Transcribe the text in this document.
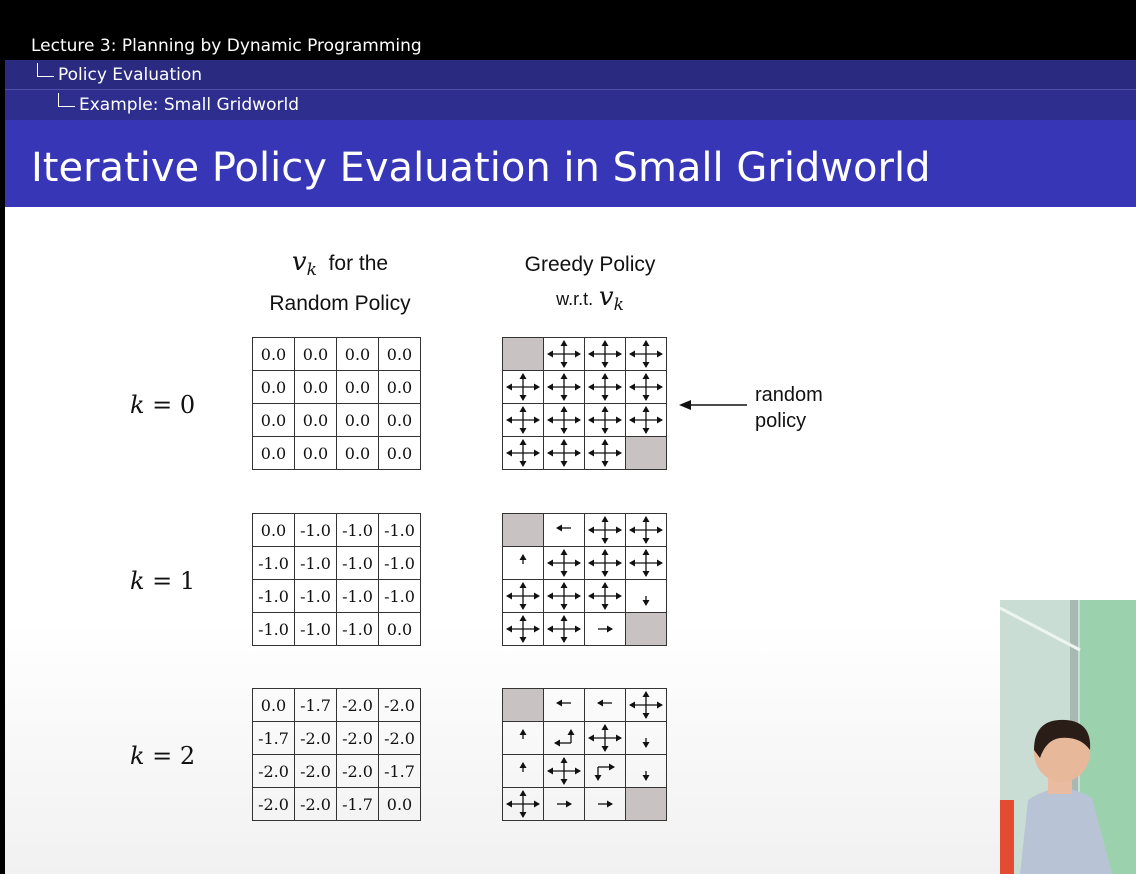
Lecture 3: Planning by Dynamic Programming
Policy Evaluation
Example: Small Gridworld
Iterative Policy Evaluation in Small Gridworld
$v_k$ for the
Random Policy
Greedy Policy
w.r.t. $v_k$
k = 0
0.0	0.0	0.0	0.0
0.0	0.0	0.0	0.0
0.0	0.0	0.0	0.0
0.0	0.0	0.0	0.0

k = 1
0.0	-1.0	-1.0	-1.0
-1.0	-1.0	-1.0	-1.0
-1.0	-1.0	-1.0	-1.0
-1.0	-1.0	-1.0	0.0

k = 2
0.0	-1.7	-2.0	-2.0
-1.7	-2.0	-2.0	-2.0
-2.0	-2.0	-2.0	-1.7
-2.0	-2.0	-1.7	0.0

random
policy
